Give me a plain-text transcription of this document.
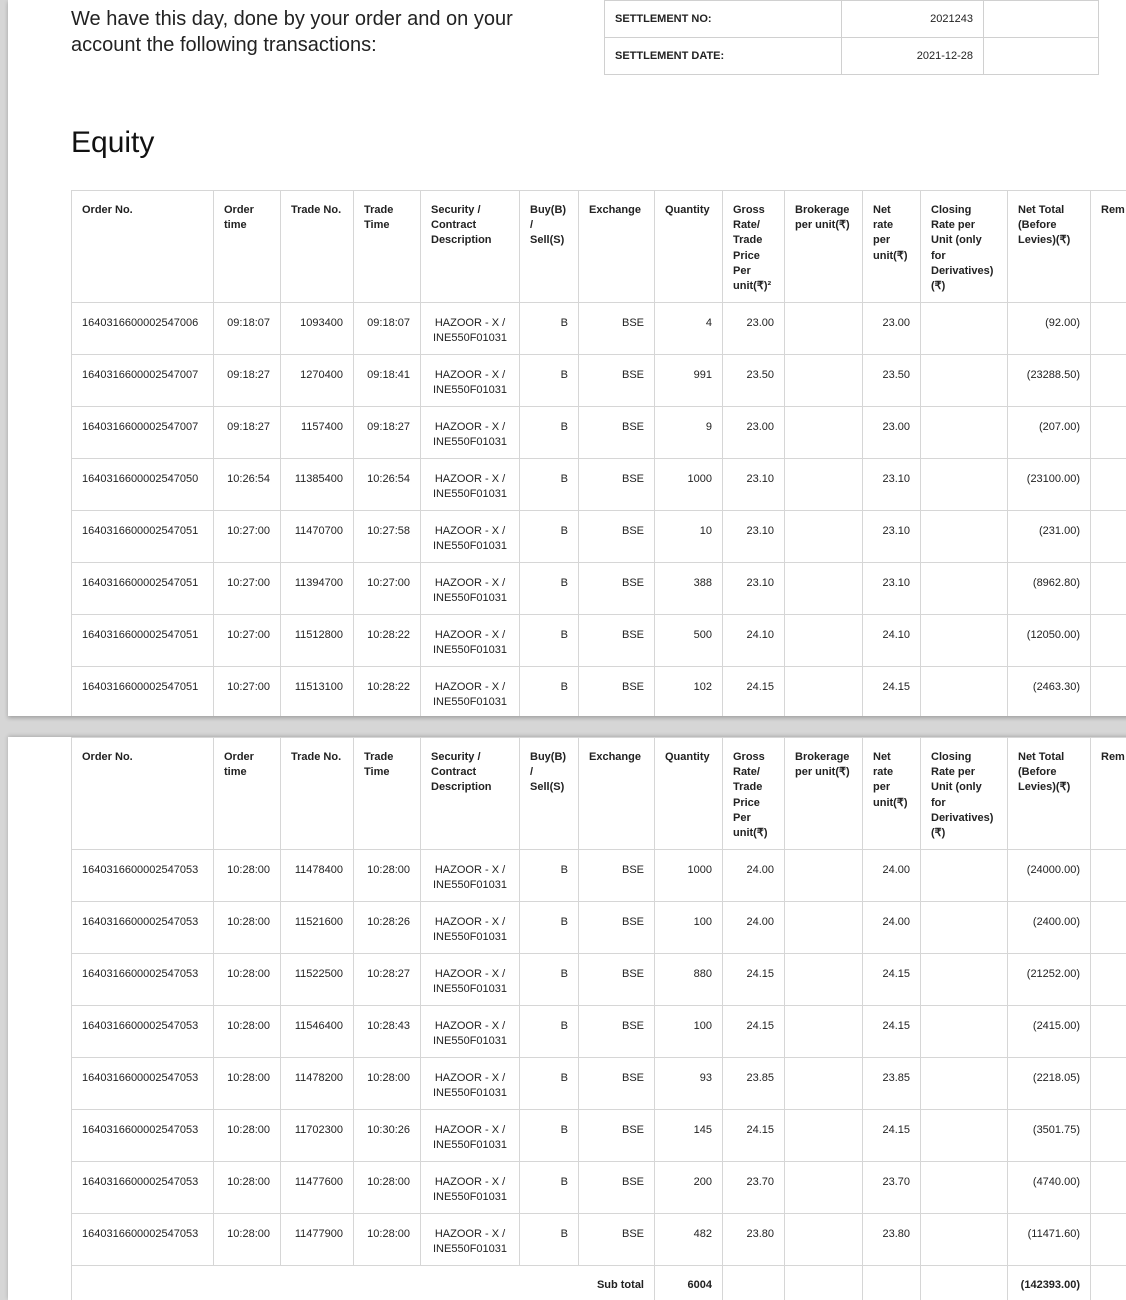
We have this day, done by your order and on your account the following transactions:
SETTLEMENT NO:	2021243	
SETTLEMENT DATE:	2021-12-28	
Equity
Order No.	Order time	Trade No.	Trade Time	Security / Contract Description	Buy(B) / Sell(S)	Exchange	Quantity	Gross Rate/ Trade Price Per unit(₹)²	Brokerage per unit(₹)	Net rate per unit(₹)	Closing Rate per Unit (only for Derivatives)(₹)	Net Total (Before Levies)(₹)	Rem
1640316600002547006	09:18:07	1093400	09:18:07	HAZOOR - X / INE550F01031	B	BSE	4	23.00		23.00		(92.00)	
1640316600002547007	09:18:27	1270400	09:18:41	HAZOOR - X / INE550F01031	B	BSE	991	23.50		23.50		(23288.50)	
1640316600002547007	09:18:27	1157400	09:18:27	HAZOOR - X / INE550F01031	B	BSE	9	23.00		23.00		(207.00)	
1640316600002547050	10:26:54	11385400	10:26:54	HAZOOR - X / INE550F01031	B	BSE	1000	23.10		23.10		(23100.00)	
1640316600002547051	10:27:00	11470700	10:27:58	HAZOOR - X / INE550F01031	B	BSE	10	23.10		23.10		(231.00)	
1640316600002547051	10:27:00	11394700	10:27:00	HAZOOR - X / INE550F01031	B	BSE	388	23.10		23.10		(8962.80)	
1640316600002547051	10:27:00	11512800	10:28:22	HAZOOR - X / INE550F01031	B	BSE	500	24.10		24.10		(12050.00)	
1640316600002547051	10:27:00	11513100	10:28:22	HAZOOR - X / INE550F01031	B	BSE	102	24.15		24.15		(2463.30)	
Order No.	Order time	Trade No.	Trade Time	Security / Contract Description	Buy(B) / Sell(S)	Exchange	Quantity	Gross Rate/ Trade Price Per unit(₹)	Brokerage per unit(₹)	Net rate per unit(₹)	Closing Rate per Unit (only for Derivatives)(₹)	Net Total (Before Levies)(₹)	Rem
1640316600002547053	10:28:00	11478400	10:28:00	HAZOOR - X / INE550F01031	B	BSE	1000	24.00		24.00		(24000.00)	
1640316600002547053	10:28:00	11521600	10:28:26	HAZOOR - X / INE550F01031	B	BSE	100	24.00		24.00		(2400.00)	
1640316600002547053	10:28:00	11522500	10:28:27	HAZOOR - X / INE550F01031	B	BSE	880	24.15		24.15		(21252.00)	
1640316600002547053	10:28:00	11546400	10:28:43	HAZOOR - X / INE550F01031	B	BSE	100	24.15		24.15		(2415.00)	
1640316600002547053	10:28:00	11478200	10:28:00	HAZOOR - X / INE550F01031	B	BSE	93	23.85		23.85		(2218.05)	
1640316600002547053	10:28:00	11702300	10:30:26	HAZOOR - X / INE550F01031	B	BSE	145	24.15		24.15		(3501.75)	
1640316600002547053	10:28:00	11477600	10:28:00	HAZOOR - X / INE550F01031	B	BSE	200	23.70		23.70		(4740.00)	
1640316600002547053	10:28:00	11477900	10:28:00	HAZOOR - X / INE550F01031	B	BSE	482	23.80		23.80		(11471.60)	
Sub total							6004					(142393.00)	
